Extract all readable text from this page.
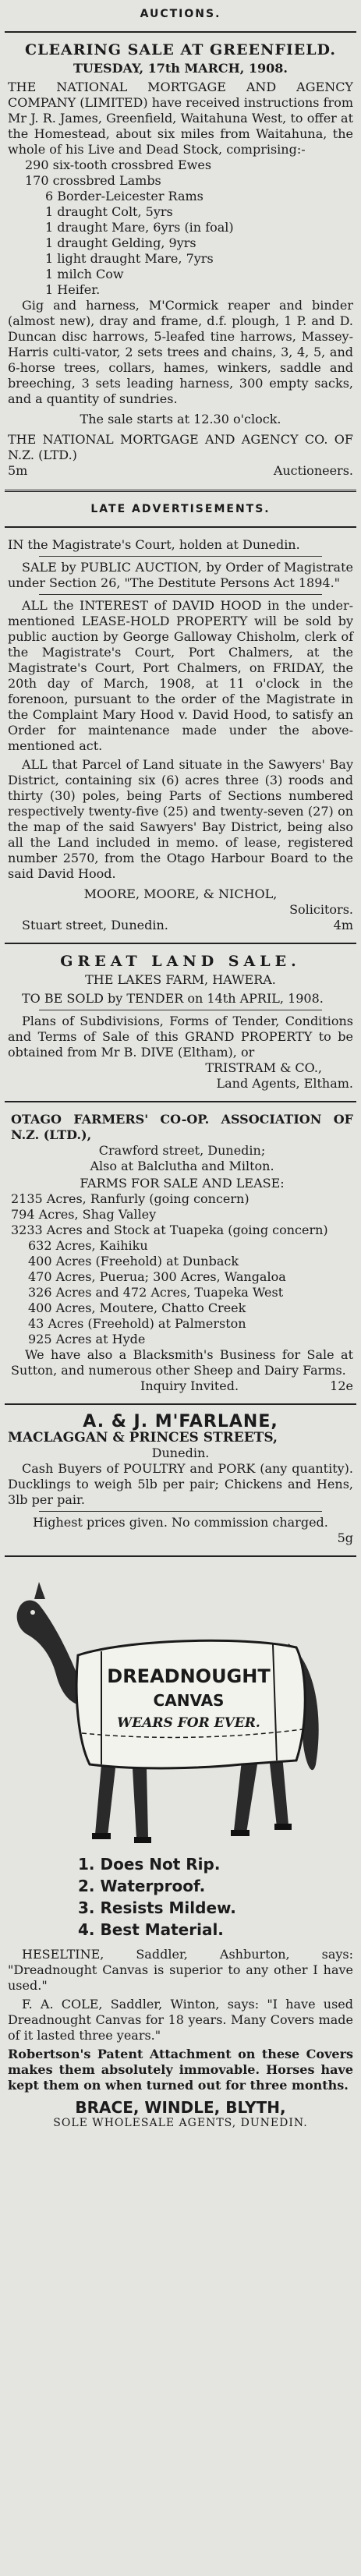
AUCTIONS.

CLEARING SALE AT GREENFIELD.

TUESDAY, 17th MARCH, 1908.

THE NATIONAL MORTGAGE AND AGENCY COMPANY (LIMITED) have received instructions from Mr J. R. James, Greenfield, Waitahuna West, to offer at the Homestead, about six miles from Waitahuna, the whole of his Live and Dead Stock, comprising:-

290 six-tooth crossbred Ewes

170 crossbred Lambs

6 Border-Leicester Rams

1 draught Colt, 5yrs

1 draught Mare, 6yrs (in foal)

1 draught Gelding, 9yrs

1 light draught Mare, 7yrs

1 milch Cow

1 Heifer.

Gig and harness, M'Cormick reaper and binder (almost new), dray and frame, d.f. plough, 1 P. and D. Duncan disc harrows, 5-leafed tine harrows, Massey-Harris culti-vator, 2 sets trees and chains, 3, 4, 5, and 6-horse trees, collars, hames, winkers, saddle and breeching, 3 sets leading harness, 300 empty sacks, and a quantity of sundries.

The sale starts at 12.30 o'clock.

THE NATIONAL MORTGAGE AND AGENCY CO. OF N.Z. (LTD.)

5m	Auctioneers.
LATE ADVERTISEMENTS.

IN the Magistrate's Court, holden at Dunedin.

SALE by PUBLIC AUCTION, by Order of Magistrate under Section 26, "The Destitute Persons Act 1894."

ALL the INTEREST of DAVID HOOD in the under-mentioned LEASE-HOLD PROPERTY will be sold by public auction by George Galloway Chisholm, clerk of the Magistrate's Court, Port Chalmers, at the Magistrate's Court, Port Chalmers, on FRIDAY, the 20th day of March, 1908, at 11 o'clock in the forenoon, pursuant to the order of the Magistrate in the Complaint Mary Hood v. David Hood, to satisfy an Order for maintenance made under the above-mentioned act.

ALL that Parcel of Land situate in the Sawyers' Bay District, containing six (6) acres three (3) roods and thirty (30) poles, being Parts of Sections numbered respectively twenty-five (25) and twenty-seven (27) on the map of the said Sawyers' Bay District, being also all the Land included in memo. of lease, registered number 2570, from the Otago Harbour Board to the said David Hood.

MOORE, MOORE, & NICHOL,

Solicitors.

Stuart street, Dunedin.	4m

GREAT LAND SALE.

THE LAKES FARM, HAWERA.

TO BE SOLD by TENDER on 14th APRIL, 1908.

Plans of Subdivisions, Forms of Tender, Conditions and Terms of Sale of this GRAND PROPERTY to be obtained from Mr B. DIVE (Eltham), or

TRISTRAM & CO.,

Land Agents, Eltham.

OTAGO FARMERS' CO-OP. ASSOCIATION OF N.Z. (LTD.),

Crawford street, Dunedin;

Also at Balclutha and Milton.

FARMS FOR SALE AND LEASE:

2135 Acres, Ranfurly (going concern)

794 Acres, Shag Valley

3233 Acres and Stock at Tuapeka (going concern)

632 Acres, Kaihiku

400 Acres (Freehold) at Dunback

470 Acres, Puerua; 300 Acres, Wangaloa

326 Acres and 472 Acres, Tuapeka West

400 Acres, Moutere, Chatto Creek

43 Acres (Freehold) at Palmerston

925 Acres at Hyde

We have also a Blacksmith's Business for Sale at Sutton, and numerous other Sheep and Dairy Farms.

Inquiry Invited.	12e

A. & J. M'FARLANE,

MACLAGGAN & PRINCES STREETS,

Dunedin.

Cash Buyers of POULTRY and PORK (any quantity). Ducklings to weigh 5lb per pair; Chickens and Hens, 3lb per pair.

Highest prices given. No commission charged.

5g
DREADNOUGHT
CANVAS
WEARS FOR EVER.

1. Does Not Rip.

2. Waterproof.

3. Resists Mildew.

4. Best Material.

HESELTINE, Saddler, Ashburton, says: "Dreadnought Canvas is superior to any other I have used."

F. A. COLE, Saddler, Winton, says: "I have used Dreadnought Canvas for 18 years. Many Covers made of it lasted three years."

Robertson's Patent Attachment on these Covers makes them absolutely immovable. Horses have kept them on when turned out for three months.

BRACE, WINDLE, BLYTH,

SOLE WHOLESALE AGENTS, DUNEDIN.
